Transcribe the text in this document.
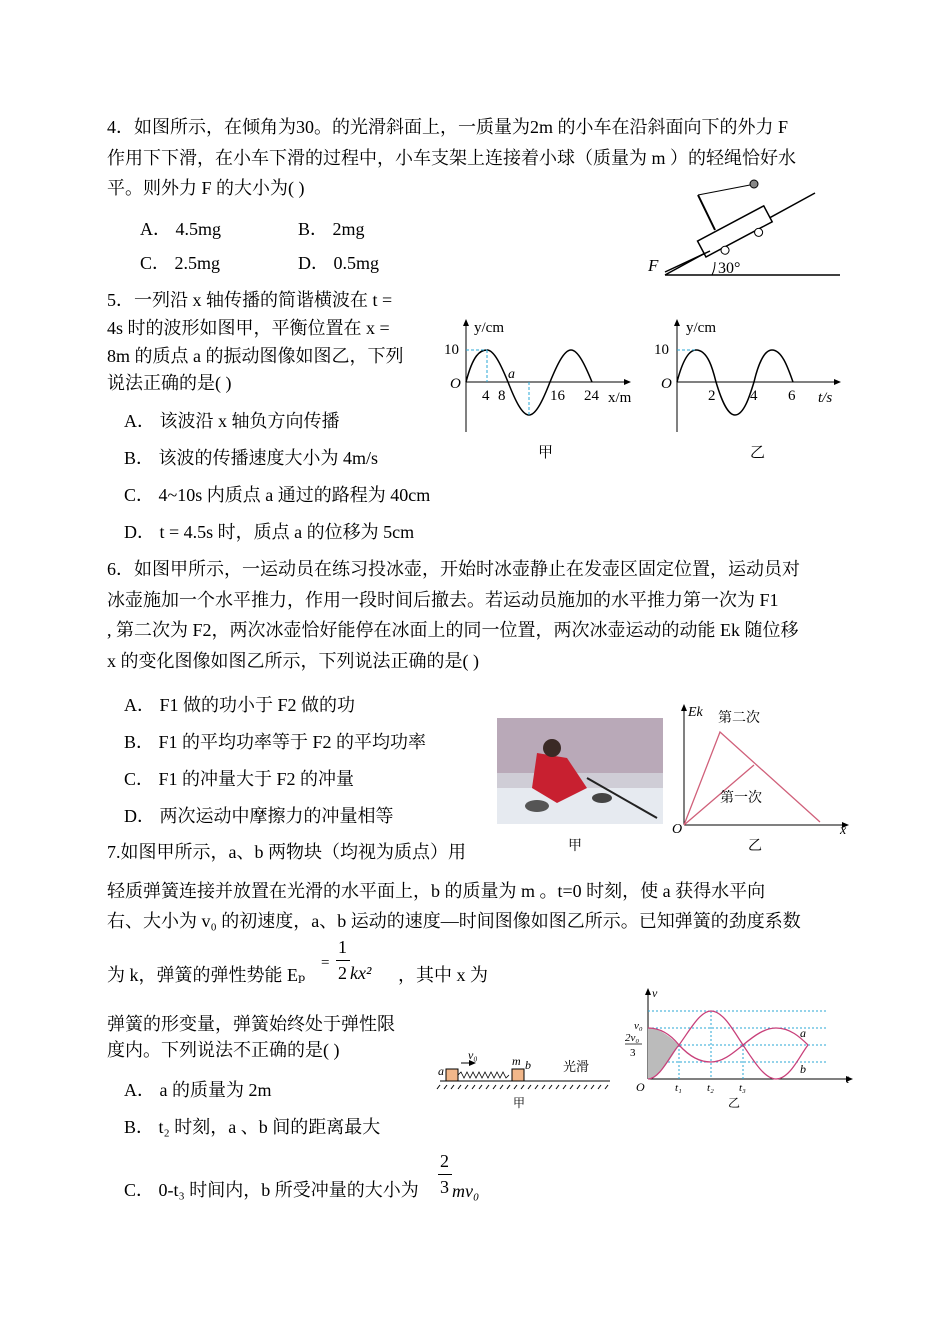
4．如图所示，在倾角为30。的光滑斜面上，一质量为2m 的小车在沿斜面向下的外力 F
作用下下滑，在小车下滑的过程中，小车支架上连接着小球（质量为 m ）的轻绳恰好水
平。则外力 F 的大小为( )
A． 4.5mg	B． 2mg
C． 2.5mg	D． 0.5mg	F	30°
5．一列沿 x 轴传播的简谐横波在 t =
4s 时的波形如图甲，平衡位置在 x =
8m 的质点 a 的振动图像如图乙，下列
说法正确的是( )
A． 该波沿 x 轴负方向传播
B． 该波的传播速度大小为 4m/s
C． 4~10s 内质点 a 通过的路程为 40cm
D． t = 4.5s 时，质点 a 的位移为 5cm
y/cm
10
O
4 8	16 24 x/m
a
甲
y/cm
10
O
2 4 6 t/s
乙
6．如图甲所示，一运动员在练习投冰壶，开始时冰壶静止在发壶区固定位置，运动员对
冰壶施加一个水平推力，作用一段时间后撤去。若运动员施加的水平推力第一次为 F1
, 第二次为 F2，两次冰壶恰好能停在冰面上的同一位置，两次冰壶运动的动能 Ek 随位移
x 的变化图像如图乙所示，下列说法正确的是( )
A． F1 做的功小于 F2 做的功
B． F1 的平均功率等于 F2 的平均功率
C． F1 的冲量大于 F2 的冲量
D． 两次运动中摩擦力的冲量相等
甲
Ek 第二次
第一次
O	x
乙
7.如图甲所示，a、b 两物块（均视为质点）用
轻质弹簧连接并放置在光滑的水平面上，b 的质量为 m 。t=0 时刻，使 a 获得水平向
右、大小为 v₀ 的初速度，a、b 运动的速度—时间图像如图乙所示。已知弹簧的劲度系数
为 k，弹簧的弹性势能 Eₚ
=
1
2 kx² ，其中 x 为
弹簧的形变量，弹簧始终处于弹性限
度内。下列说法不正确的是( )
A． a 的质量为 2m
B． t₂ 时刻，a 、b 间的距离最大
C． 0-t₃ 时间内，b 所受冲量的大小为
2
3 mv₀
a
v₀	m b 光滑
甲
v₀
2v₀
3
v
t
O	t₁ t₂ t₃
a
b
乙
